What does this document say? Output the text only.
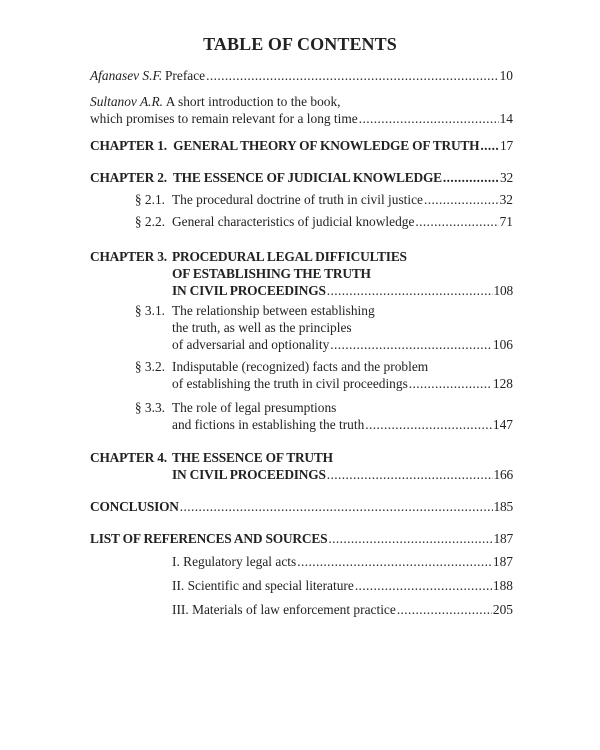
TABLE OF CONTENTS
Afanasev S.F.  Preface .....	10
Sultanov A.R.  A short introduction to the book,
which promises to remain relevant for a long time .....	14
CHAPTER 1. GENERAL THEORY OF KNOWLEDGE OF TRUTH ..... 17
CHAPTER 2. THE ESSENCE OF JUDICIAL KNOWLEDGE .....	32
§ 2.1. The procedural doctrine of truth in civil justice .....	32
§ 2.2. General characteristics of judicial knowledge .....	71
CHAPTER 3. PROCEDURAL LEGAL DIFFICULTIES
OF ESTABLISHING THE TRUTH
IN CIVIL PROCEEDINGS .....	108
§ 3.1. The relationship between establishing
the truth, as well as the principles
of adversarial and optionality .....	106
§ 3.2. Indisputable (recognized) facts and the problem
of establishing the truth in civil proceedings .....	128
§ 3.3. The role of legal presumptions
and fictions in establishing the truth .....	147
CHAPTER 4. THE ESSENCE OF TRUTH
IN CIVIL PROCEEDINGS .....	166
CONCLUSION .....	185
LIST OF REFERENCES AND SOURCES .....	187
I. Regulatory legal acts .....	187
II. Scientific and special literature .....	188
III. Materials of law enforcement practice .....	205
